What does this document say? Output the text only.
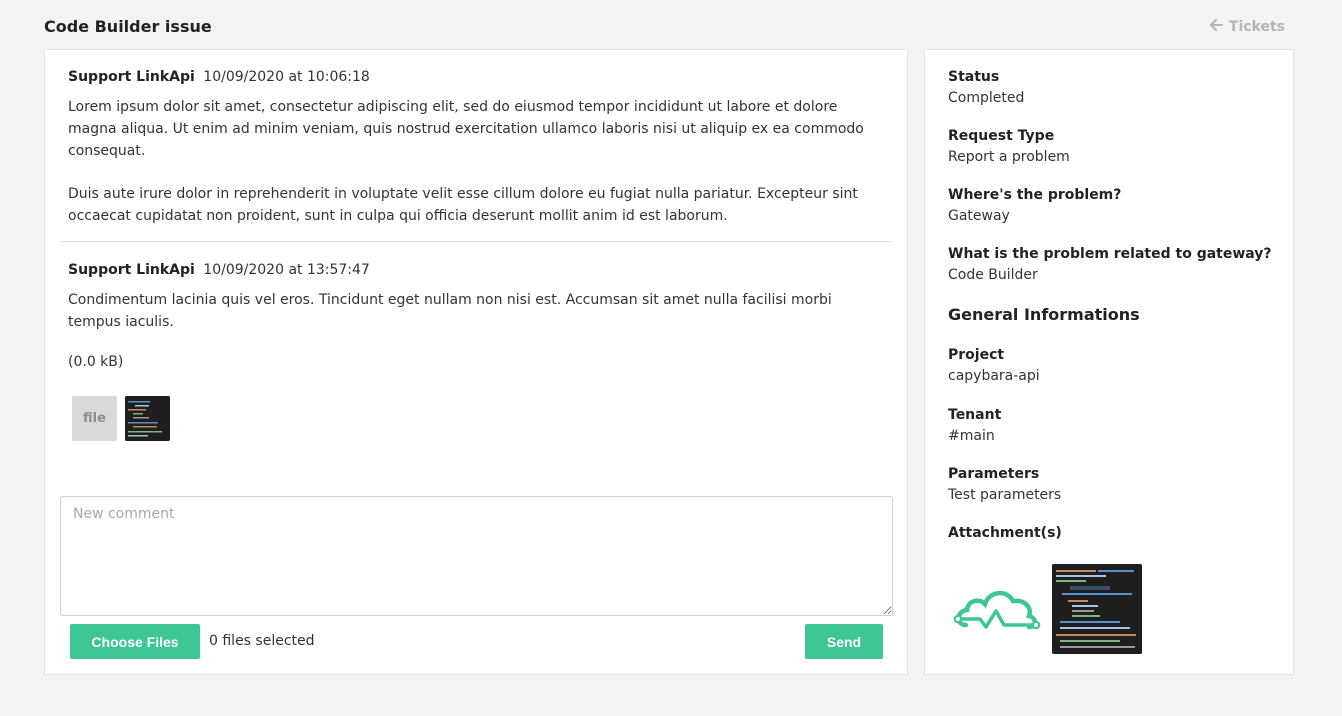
Code Builder issue	Tickets
Support LinkApi 10/09/2020 at 10:06:18

Lorem ipsum dolor sit amet, consectetur adipiscing elit, sed do eiusmod tempor incididunt ut labore et dolore magna aliqua. Ut enim ad minim veniam, quis nostrud exercitation ullamco laboris nisi ut aliquip ex ea commodo consequat.

Duis aute irure dolor in reprehenderit in voluptate velit esse cillum dolore eu fugiat nulla pariatur. Excepteur sint occaecat cupidatat non proident, sunt in culpa qui officia deserunt mollit anim id est laborum.

Support LinkApi 10/09/2020 at 13:57:47

Condimentum lacinia quis vel eros. Tincidunt eget nullam non nisi est. Accumsan sit amet nulla facilisi morbi tempus iaculis.

(0.0 kB)
file
New comment
Choose Files	0 files selected	Send
Status
Completed
Request Type
Report a problem
Where's the problem?
Gateway
What is the problem related to gateway?
Code Builder
General Informations
Project
capybara-api
Tenant
#main
Parameters
Test parameters
Attachment(s)
